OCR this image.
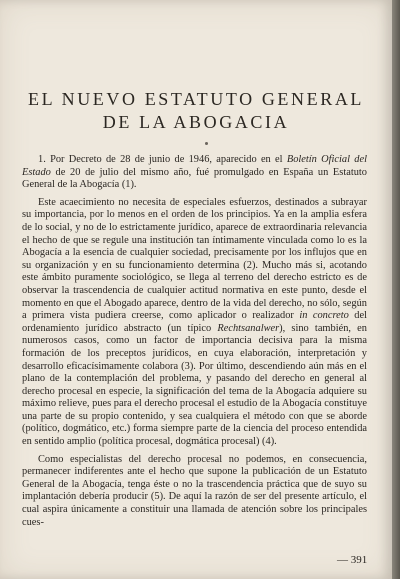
EL NUEVO ESTATUTO GENERAL
DE LA ABOGACIA

1. Por Decreto de 28 de junio de 1946, aparecido en el Boletín Oficial del Estado de 20 de julio del mismo año, fué promulgado en España un Estatuto General de la Abogacía (1).

Este acaecimiento no necesita de especiales esfuerzos, destinados a subrayar su importancia, por lo menos en el orden de los principios. Ya en la amplia esfera de lo social, y no de lo estrictamente jurídico, aparece de extraordinaria relevancia el hecho de que se regule una institución tan íntimamente vinculada como lo es la Abogacía a la esencia de cualquier sociedad, precisamente por los influjos que en su organización y en su funcionamiento determina (2). Mucho más si, acotando este ámbito puramente sociológico, se llega al terreno del derecho estricto es de observar la trascendencia de cualquier actitud normativa en este punto, desde el momento en que el Abogado aparece, dentro de la vida del derecho, no sólo, según a primera vista pudiera creerse, como aplicador o realizador in concreto del ordenamiento jurídico abstracto (un típico Rechtsanalwer), sino también, en numerosos casos, como un factor de importancia decisiva para la misma formación de los preceptos jurídicos, en cuya elaboración, interpretación y desarrollo eficacísimamente colabora (3). Por último, descendiendo aún más en el plano de la contemplación del problema, y pasando del derecho en general al derecho procesal en especie, la significación del tema de la Abogacía adquiere su máximo relieve, pues para el derecho procesal el estudio de la Abogacía constituye una parte de su propio contenido, y sea cualquiera el método con que se aborde (político, dogmático, etc.) forma siempre parte de la ciencia del proceso entendida en sentido amplio (política procesal, dogmática procesal) (4).

Como especialistas del derecho procesal no podemos, en consecuencia, permanecer indiferentes ante el hecho que supone la publicación de un Estatuto General de la Abogacía, tenga éste o no la trascendencia práctica que de suyo su implantación debería producir (5). De aquí la razón de ser del presente artículo, el cual aspira únicamente a constituir una llamada de atención sobre los principales cues-

— 391
